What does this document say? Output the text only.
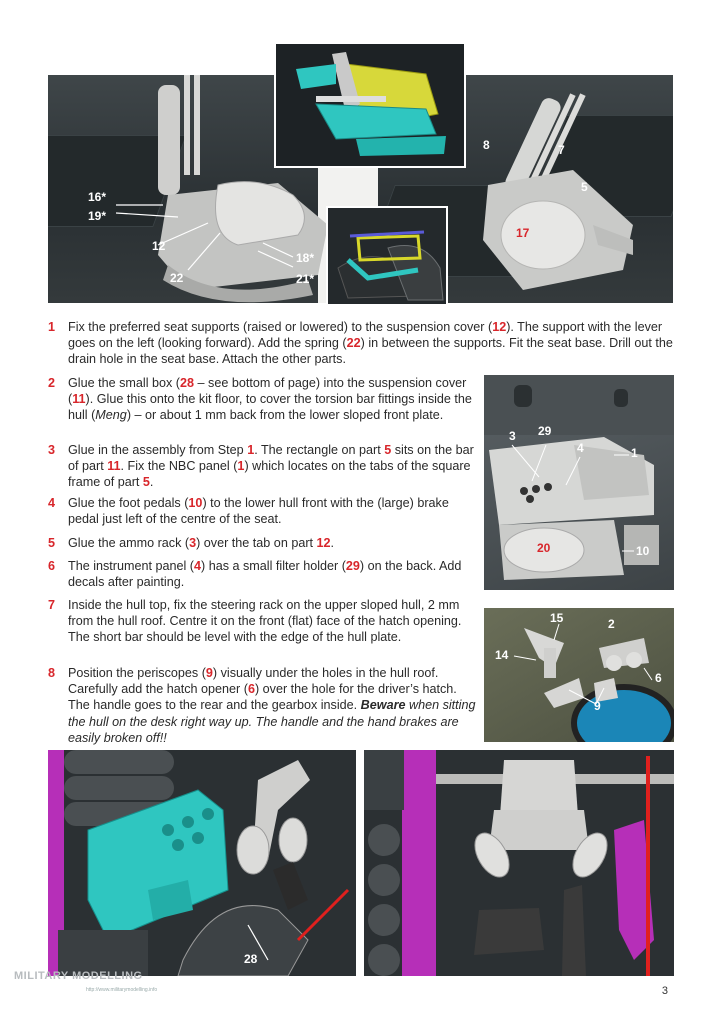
16*
19*
12
22
18*
21*
8	7
5
17
1 Fix the preferred seat supports (raised or lowered) to the suspension cover (12). The support with the lever goes on the left (looking forward). Add the spring (22) in between the supports. Fit the seat base. Drill out the drain hole in the seat base. Attach the other parts.
2 Glue the small box (28 – see bottom of page) into the suspension cover (11). Glue this onto the kit floor, to cover the torsion bar fittings inside the hull (Meng) – or about 1 mm back from the lower sloped front plate.
3 Glue in the assembly from Step 1. The rectangle on part 5 sits on the bar of part 11. Fix the NBC panel (1) which locates on the tabs of the square frame of part 5.
4 Glue the foot pedals (10) to the lower hull front with the (large) brake pedal just left of the centre of the seat.
5 Glue the ammo rack (3) over the tab on part 12.
6 The instrument panel (4) has a small filter holder (29) on the back. Add decals after painting.
7 Inside the hull top, fix the steering rack on the upper sloped hull, 2 mm from the hull roof. Centre it on the front (flat) face of the hatch opening. The short bar should be level with the edge of the hull plate.
8 Position the periscopes (9) visually under the holes in the hull roof. Carefully add the hatch opener (6) over the hole for the driver’s hatch. The handle goes to the rear and the gearbox inside. Beware when sitting the hull on the desk right way up. The handle and the hand brakes are easily broken off!!
3 29
4	1
20	10
15	2
14
6
9
28
MILITARY MODELLING
http://www.militarymodelling.info	3
